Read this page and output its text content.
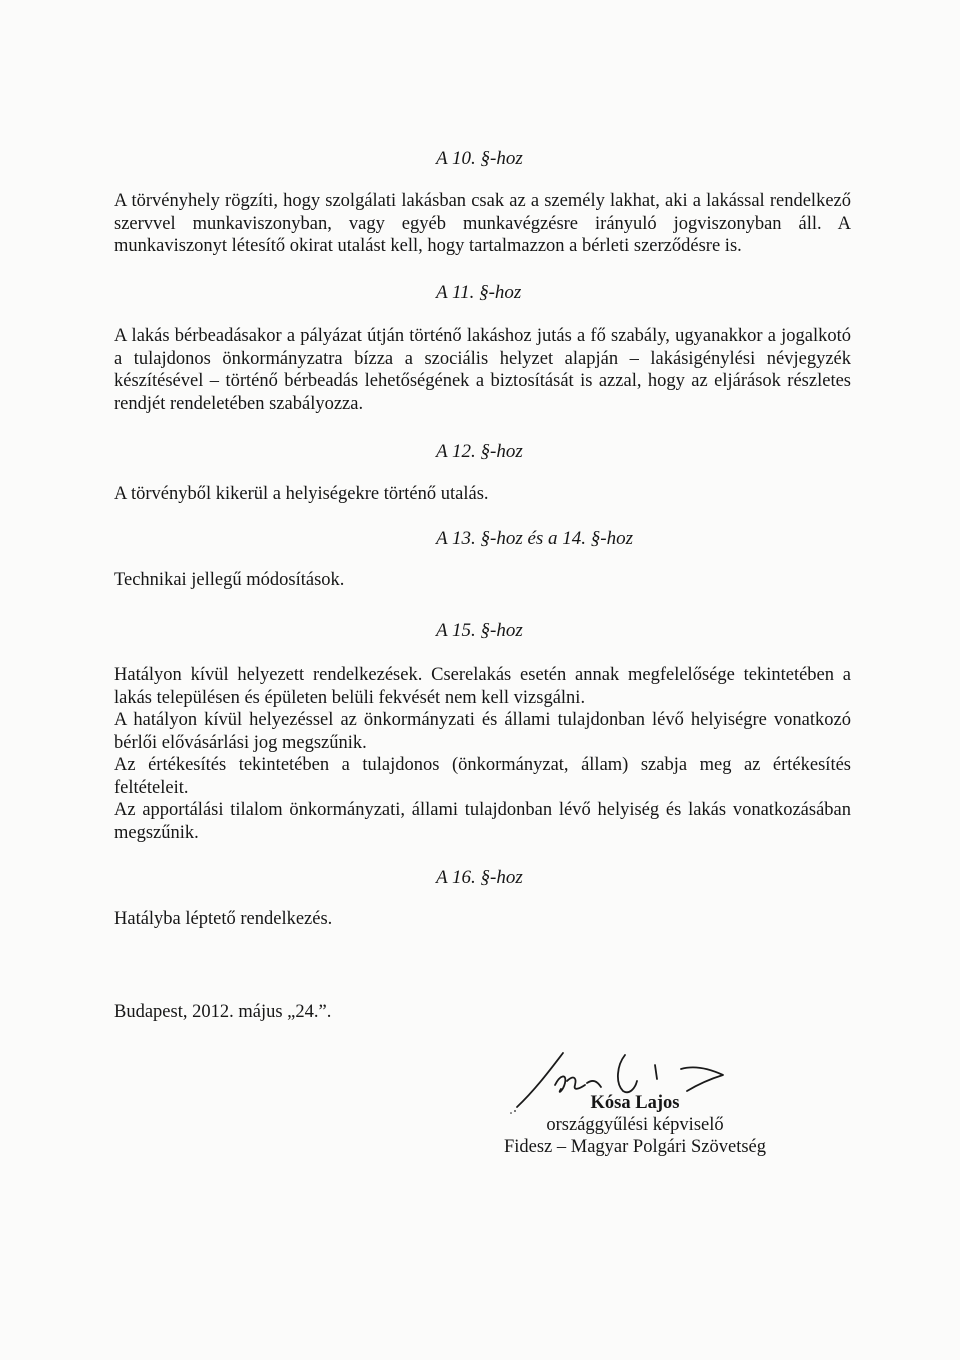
A 10. §-hoz

A törvényhely rögzíti, hogy szolgálati lakásban csak az a személy lakhat, aki a lakással rendelkező szervvel munkaviszonyban, vagy egyéb munkavégzésre irányuló jogviszonyban áll. A munkaviszonyt létesítő okirat utalást kell, hogy tartalmazzon a bérleti szerződésre is.

A 11. §-hoz

A lakás bérbeadásakor a pályázat útján történő lakáshoz jutás a fő szabály, ugyanakkor a jogalkotó a tulajdonos önkormányzatra bízza a szociális helyzet alapján – lakásigénylési névjegyzék készítésével – történő bérbeadás lehetőségének a biztosítását is azzal, hogy az eljárások részletes rendjét rendeletében szabályozza.

A 12. §-hoz
A törvényből kikerül a helyiségekre történő utalás.
A 13. §-hoz és a 14. §-hoz
Technikai jellegű módosítások.
A 15. §-hoz

Hatályon kívül helyezett rendelkezések. Cserelakás esetén annak megfelelősége tekintetében a lakás településen és épületen belüli fekvését nem kell vizsgálni.

A hatályon kívül helyezéssel az önkormányzati és állami tulajdonban lévő helyiségre vonatkozó bérlői elővásárlási jog megszűnik.

Az értékesítés tekintetében a tulajdonos (önkormányzat, állam) szabja meg az értékesítés feltételeit.

Az apportálási tilalom önkormányzati, állami tulajdonban lévő helyiség és lakás vonatkozásában megszűnik.

A 16. §-hoz
Hatályba léptető rendelkezés.
Budapest, 2012. május „24.”.
Kósa Lajos
országgyűlési képviselő
Fidesz – Magyar Polgári Szövetség
